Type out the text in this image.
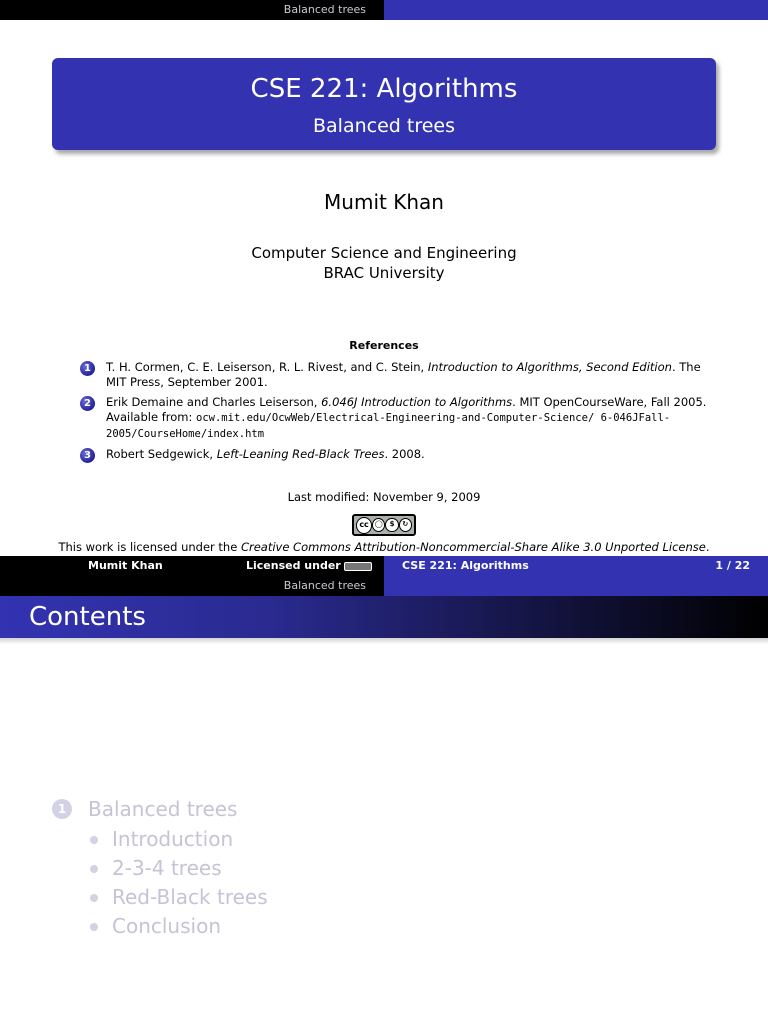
Balanced trees
CSE 221: Algorithms
Balanced trees
Mumit Khan
Computer Science and Engineering
BRAC University
References
1	T. H. Cormen, C. E. Leiserson, R. L. Rivest, and C. Stein, Introduction to Algorithms, Second Edition. The MIT Press, September 2001.
2	Erik Demaine and Charles Leiserson, 6.046J Introduction to Algorithms. MIT OpenCourseWare, Fall 2005. Available from: ocw.mit.edu/OcwWeb/Electrical-Engineering-and-Computer-Science/ 6-046JFall-2005/CourseHome/index.htm
3	Robert Sedgewick, Left-Leaning Red-Black Trees. 2008.
Last modified: November 9, 2009
cc ◯ $	↻
This work is licensed under the Creative Commons Attribution-Noncommercial-Share Alike 3.0 Unported License.
Mumit Khan	Licensed under	CSE 221: Algorithms	1 / 22
Balanced trees
Contents
1 Balanced trees
Introduction
2-3-4 trees
Red-Black trees
Conclusion
